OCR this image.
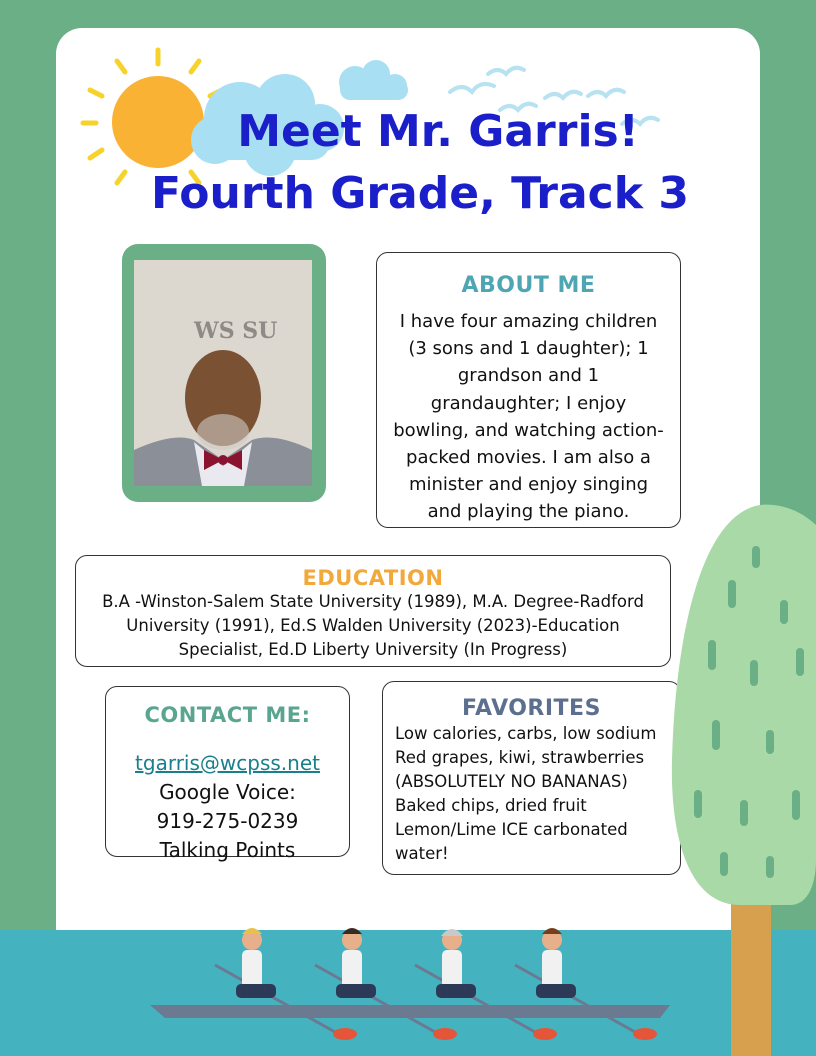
Meet Mr. Garris!
Fourth Grade, Track 3
WS SU
ABOUT ME
I have four amazing children (3 sons and 1 daughter); 1 grandson and 1 grandaughter; I enjoy bowling, and watching action-packed movies. I am also a minister and enjoy singing and playing the piano.
EDUCATION
B.A -Winston-Salem State University (1989), M.A. Degree-Radford University (1991), Ed.S Walden University (2023)-Education Specialist, Ed.D Liberty University (In Progress)
CONTACT ME:
tgarris@wcpss.net
Google Voice:
919-275-0239
Talking Points
FAVORITES
Low calories, carbs, low sodium
Red grapes, kiwi, strawberries
(ABSOLUTELY NO BANANAS)
Baked chips, dried fruit
Lemon/Lime ICE carbonated
water!
